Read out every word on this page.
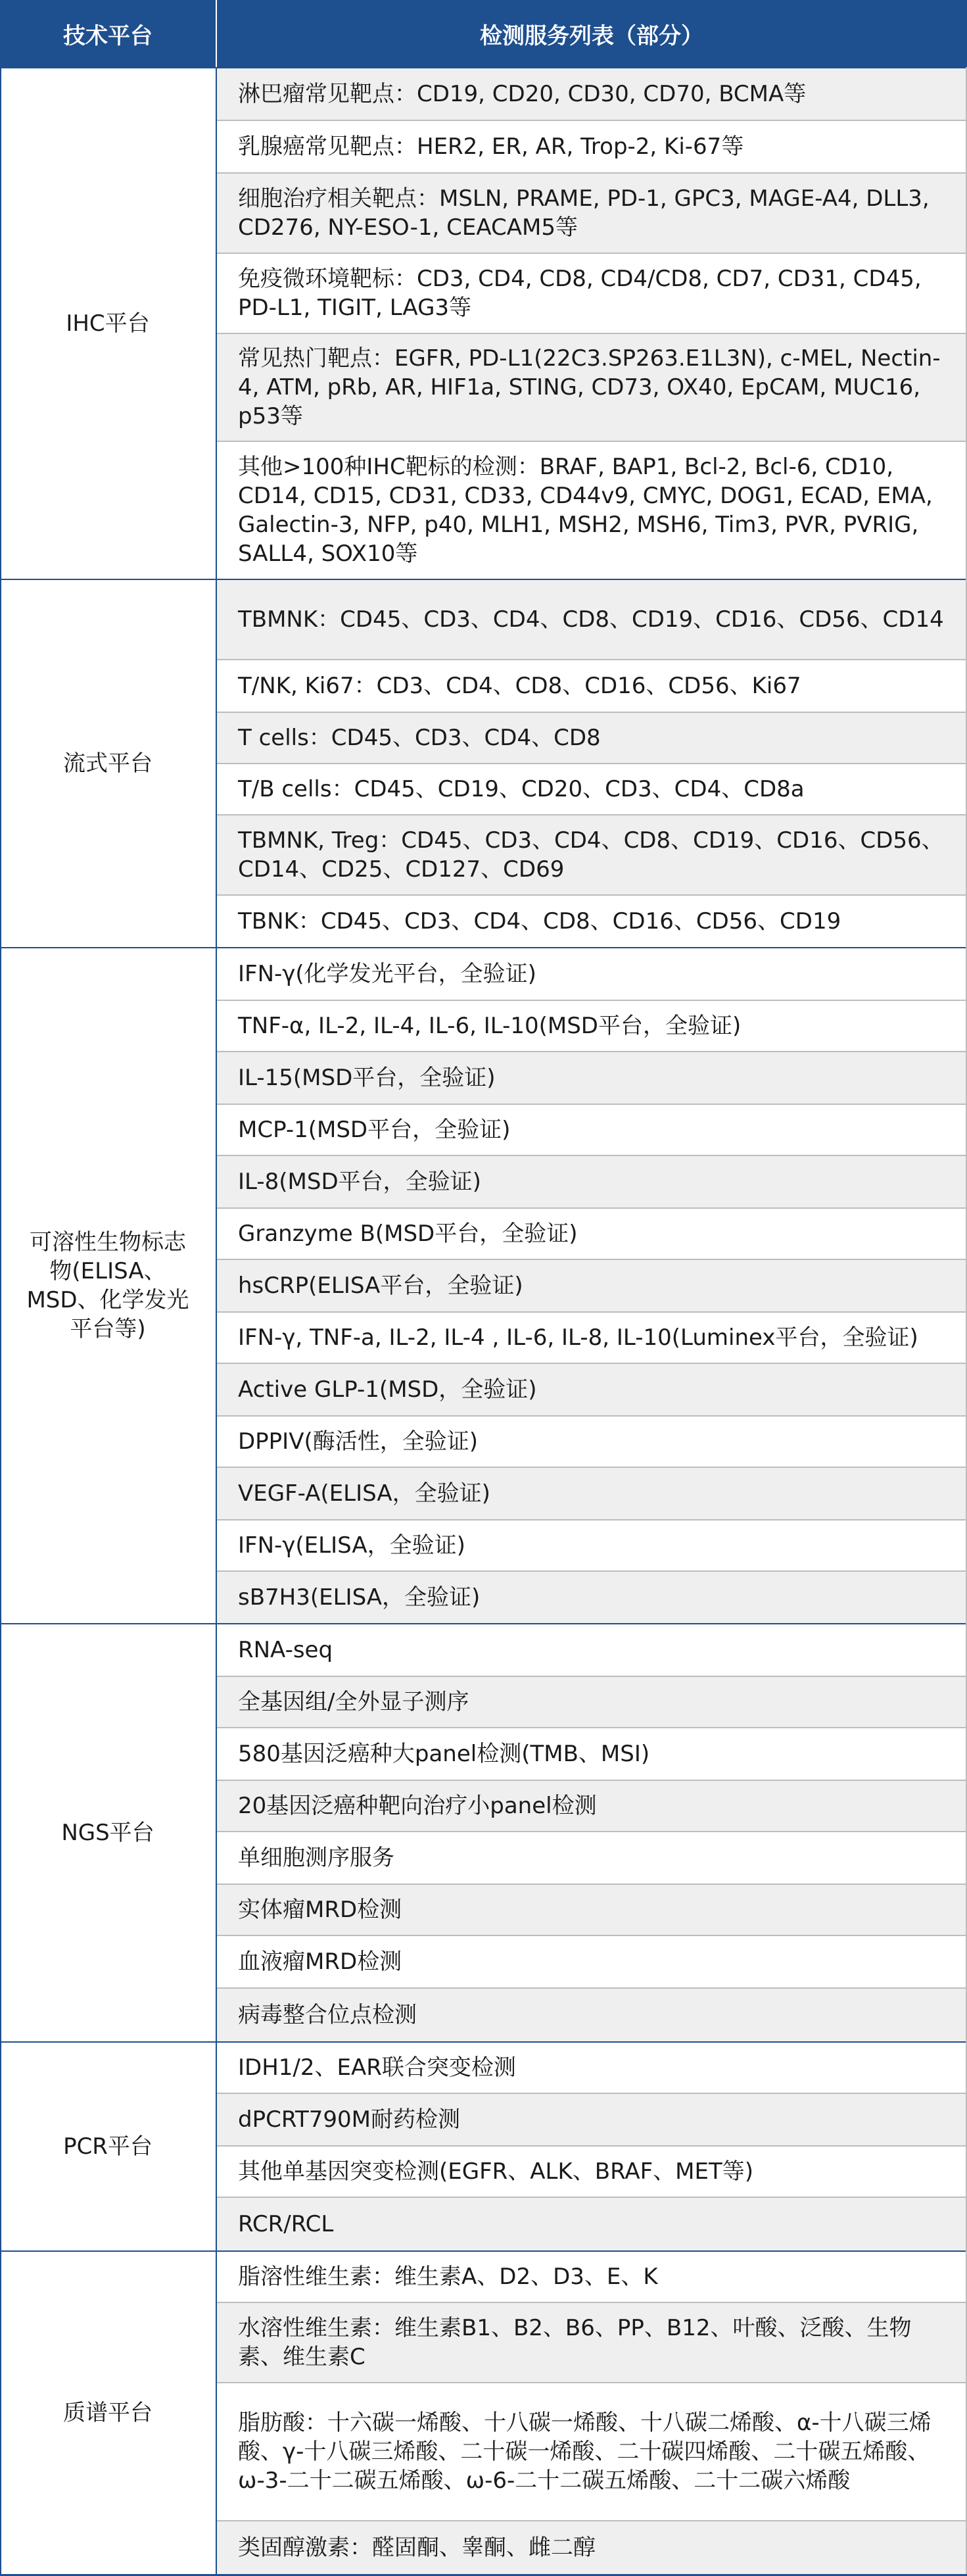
技术平台	检测服务列表（部分）
IHC平台
淋巴瘤常见靶点：CD19, CD20, CD30, CD70, BCMA等
乳腺癌常见靶点：HER2, ER, AR, Trop-2, Ki-67等
细胞治疗相关靶点：MSLN, PRAME, PD-1, GPC3, MAGE-A4, DLL3, CD276, NY-ESO-1, CEACAM5等
免疫微环境靶标：CD3, CD4, CD8, CD4/CD8, CD7, CD31, CD45, PD-L1, TIGIT, LAG3等
常见热门靶点：EGFR, PD-L1(22C3.SP263.E1L3N), c-MEL, Nectin-4, ATM, pRb, AR, HIF1a, STING, CD73, OX40, EpCAM, MUC16, p53等
其他>100种IHC靶标的检测：BRAF, BAP1, Bcl-2, Bcl-6, CD10, CD14, CD15, CD31, CD33, CD44v9, CMYC, DOG1, ECAD, EMA, Galectin-3, NFP, p40, MLH1, MSH2, MSH6, Tim3, PVR, PVRIG, SALL4, SOX10等
流式平台
TBMNK：CD45、CD3、CD4、CD8、CD19、CD16、CD56、CD14
T/NK, Ki67：CD3、CD4、CD8、CD16、CD56、Ki67
T cells：CD45、CD3、CD4、CD8
T/B cells：CD45、CD19、CD20、CD3、CD4、CD8a
TBMNK, Treg：CD45、CD3、CD4、CD8、CD19、CD16、CD56、CD14、CD25、CD127、CD69
TBNK：CD45、CD3、CD4、CD8、CD16、CD56、CD19
可溶性生物标志物(ELISA、MSD、化学发光平台等)
IFN-γ(化学发光平台，全验证)
TNF-α, IL-2, IL-4, IL-6, IL-10(MSD平台，全验证)
IL-15(MSD平台，全验证)
MCP-1(MSD平台，全验证)
IL-8(MSD平台，全验证)
Granzyme B(MSD平台，全验证)
hsCRP(ELISA平台，全验证)
IFN-γ, TNF-a, IL-2, IL-4 , IL-6, IL-8, IL-10(Luminex平台，全验证)
Active GLP-1(MSD，全验证)
DPPIV(酶活性，全验证)
VEGF-A(ELISA，全验证)
IFN-γ(ELISA，全验证)
sB7H3(ELISA，全验证)
NGS平台
RNA-seq
全基因组/全外显子测序
580基因泛癌种大panel检测(TMB、MSI)
20基因泛癌种靶向治疗小panel检测
单细胞测序服务
实体瘤MRD检测
血液瘤MRD检测
病毒整合位点检测
PCR平台
IDH1/2、EAR联合突变检测
dPCRT790M耐药检测
其他单基因突变检测(EGFR、ALK、BRAF、MET等)
RCR/RCL
质谱平台
脂溶性维生素：维生素A、D2、D3、E、K
水溶性维生素：维生素B1、B2、B6、PP、B12、叶酸、泛酸、生物素、维生素C
脂肪酸：十六碳一烯酸、十八碳一烯酸、十八碳二烯酸、α-十八碳三烯酸、γ-十八碳三烯酸、二十碳一烯酸、二十碳四烯酸、二十碳五烯酸、ω-3-二十二碳五烯酸、ω-6-二十二碳五烯酸、二十二碳六烯酸
类固醇激素：醛固酮、睾酮、雌二醇
